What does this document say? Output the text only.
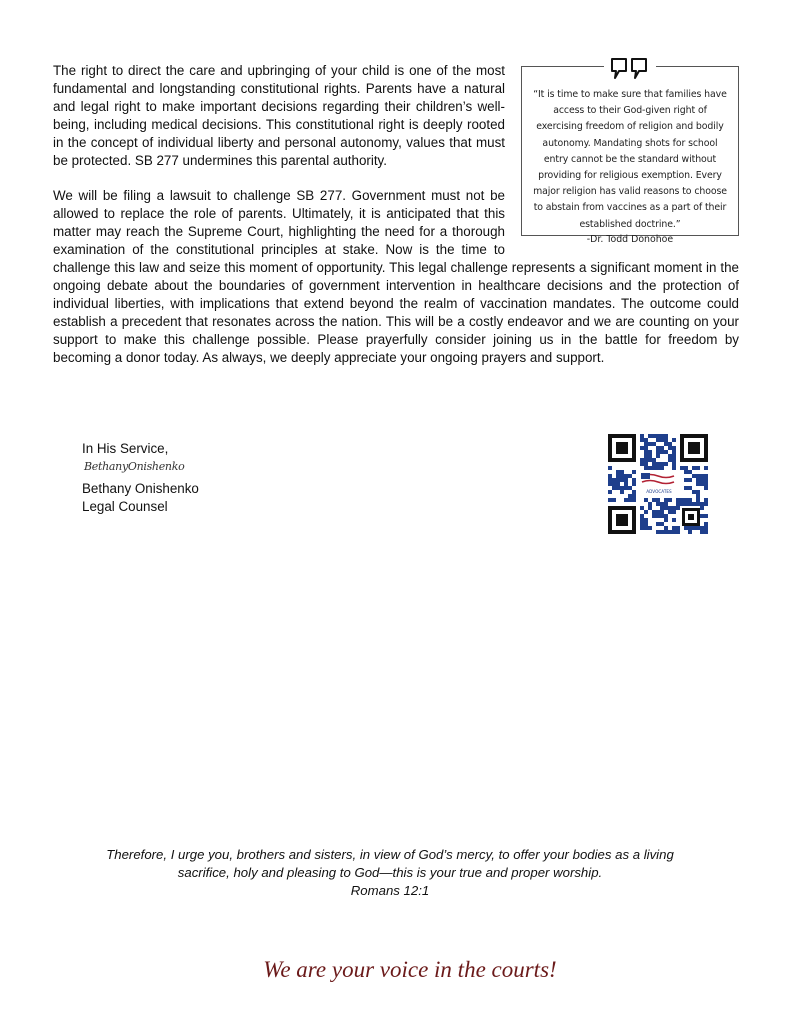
“It is time to make sure that families have access to their God-given right of exercising freedom of religion and bodily autonomy. Mandating shots for school entry cannot be the standard without providing for religious exemption. Every major religion has valid reasons to choose to abstain from vaccines as a part of their established doctrine.”
-Dr. Todd Donohoe

The right to direct the care and upbringing of your child is one of the most fundamental and longstanding constitutional rights. Parents have a natural and legal right to make important decisions regarding their children’s well-being, including medical decisions. This constitutional right is deeply rooted in the concept of individual liberty and personal autonomy, values that must be protected. SB 277 undermines this parental authority.

We will be filing a lawsuit to challenge SB 277. Government must not be allowed to replace the role of parents. Ultimately, it is anticipated that this matter may reach the Supreme Court, highlighting the need for a thorough examination of the constitutional principles at stake. Now is the time to challenge this law and seize this moment of opportunity. This legal challenge represents a significant moment in the ongoing debate about the boundaries of government intervention in healthcare decisions and the protection of individual liberties, with implications that extend beyond the realm of vaccination mandates. The outcome could establish a precedent that resonates across the nation. This will be a costly endeavor and we are counting on your support to make this challenge possible. Please prayerfully consider joining us in the battle for freedom by becoming a donor today. As always, we deeply appreciate your ongoing prayers and support.

In His Service,
BethanyOnishenko
Bethany Onishenko
Legal Counsel
ADVOCATES
Therefore, I urge you, brothers and sisters, in view of God’s mercy, to offer your bodies as a living sacrifice, holy and pleasing to God—this is your true and proper worship.
Romans 12:1
We are your voice in the courts!
